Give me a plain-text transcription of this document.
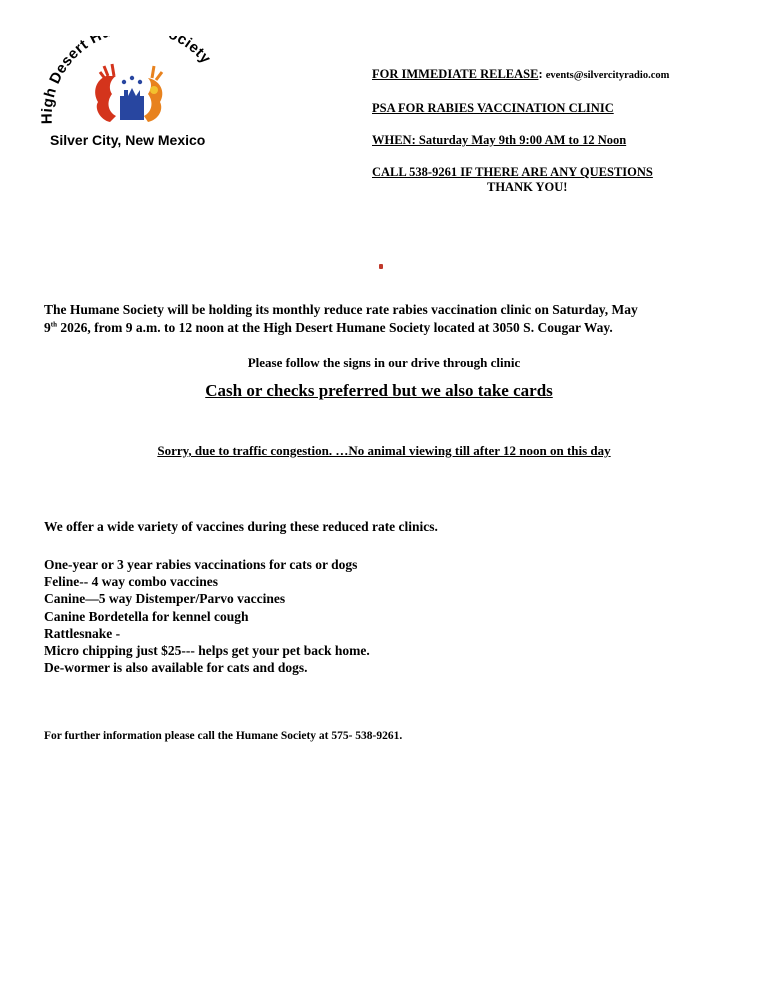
High Desert H ciety
Silver City, New Mexico
FOR IMMEDIATE RELEASE: events@silvercityradio.com
PSA FOR RABIES VACCINATION CLINIC
WHEN: Saturday May 9th 9:00 AM to 12 Noon
CALL 538-9261 IF THERE ARE ANY QUESTIONS
THANK YOU!
The Humane Society will be holding its monthly reduce rate rabies vaccination clinic on Saturday, May
9th 2026, from 9 a.m. to 12 noon at the High Desert Humane Society located at 3050 S. Cougar Way.
Please follow the signs in our drive through clinic
Cash or checks preferred but we also take cards
Sorry, due to traffic congestion. …No animal viewing till after 12 noon on this day
We offer a wide variety of vaccines during these reduced rate clinics.
One-year or 3 year rabies vaccinations for cats or dogs
Feline-- 4 way combo vaccines
Canine—5 way Distemper/Parvo vaccines
Canine Bordetella for kennel cough
Rattlesnake -
Micro chipping just $25--- helps get your pet back home.
De-wormer is also available for cats and dogs.
For further information please call the Humane Society at 575- 538-9261.
